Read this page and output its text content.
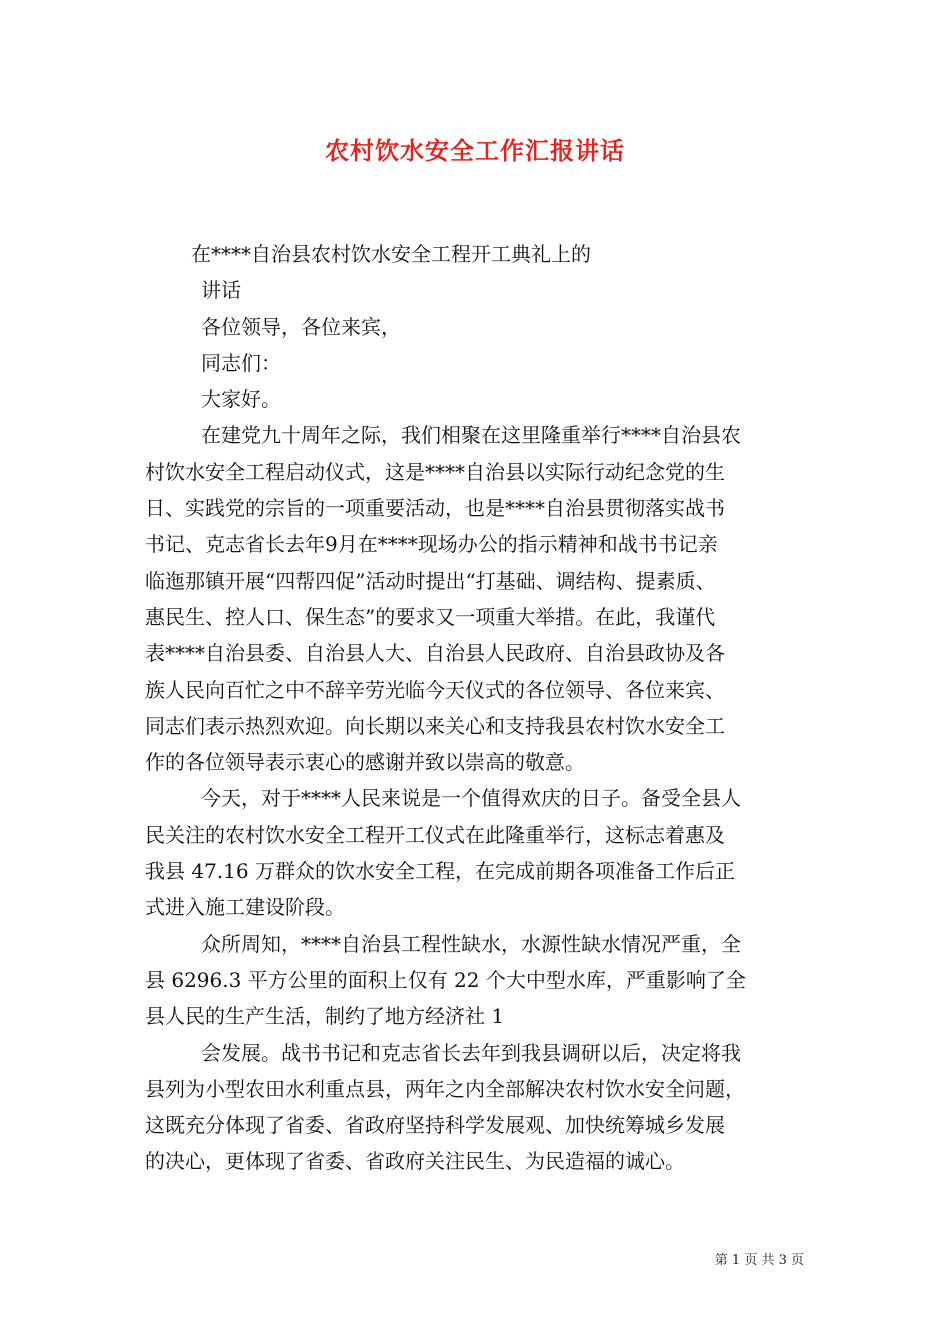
农村饮水安全工作汇报讲话
在****自治县农村饮水安全工程开工典礼上的
讲话
各位领导，各位来宾，
同志们：
大家好。
在建党九十周年之际，我们相聚在这里隆重举行****自治县农
村饮水安全工程启动仪式，这是****自治县以实际行动纪念党的生
日、实践党的宗旨的一项重要活动，也是****自治县贯彻落实战书
书记、克志省长去年9月在****现场办公的指示精神和战书书记亲
临迤那镇开展“四帮四促”活动时提出“打基础、调结构、提素质、
惠民生、控人口、保生态”的要求又一项重大举措。在此，我谨代
表****自治县委、自治县人大、自治县人民政府、自治县政协及各
族人民向百忙之中不辞辛劳光临今天仪式的各位领导、各位来宾、
同志们表示热烈欢迎。向长期以来关心和支持我县农村饮水安全工
作的各位领导表示衷心的感谢并致以崇高的敬意。
今天，对于****人民来说是一个值得欢庆的日子。备受全县人
民关注的农村饮水安全工程开工仪式在此隆重举行，这标志着惠及
我县 47.16 万群众的饮水安全工程，在完成前期各项准备工作后正
式进入施工建设阶段。
众所周知，****自治县工程性缺水，水源性缺水情况严重，全
县 6296.3 平方公里的面积上仅有 22 个大中型水库，严重影响了全
县人民的生产生活，制约了地方经济社 1
会发展。战书书记和克志省长去年到我县调研以后，决定将我
县列为小型农田水利重点县，两年之内全部解决农村饮水安全问题，
这既充分体现了省委、省政府坚持科学发展观、加快统筹城乡发展
的决心，更体现了省委、省政府关注民生、为民造福的诚心。
第 1 页 共 3 页
